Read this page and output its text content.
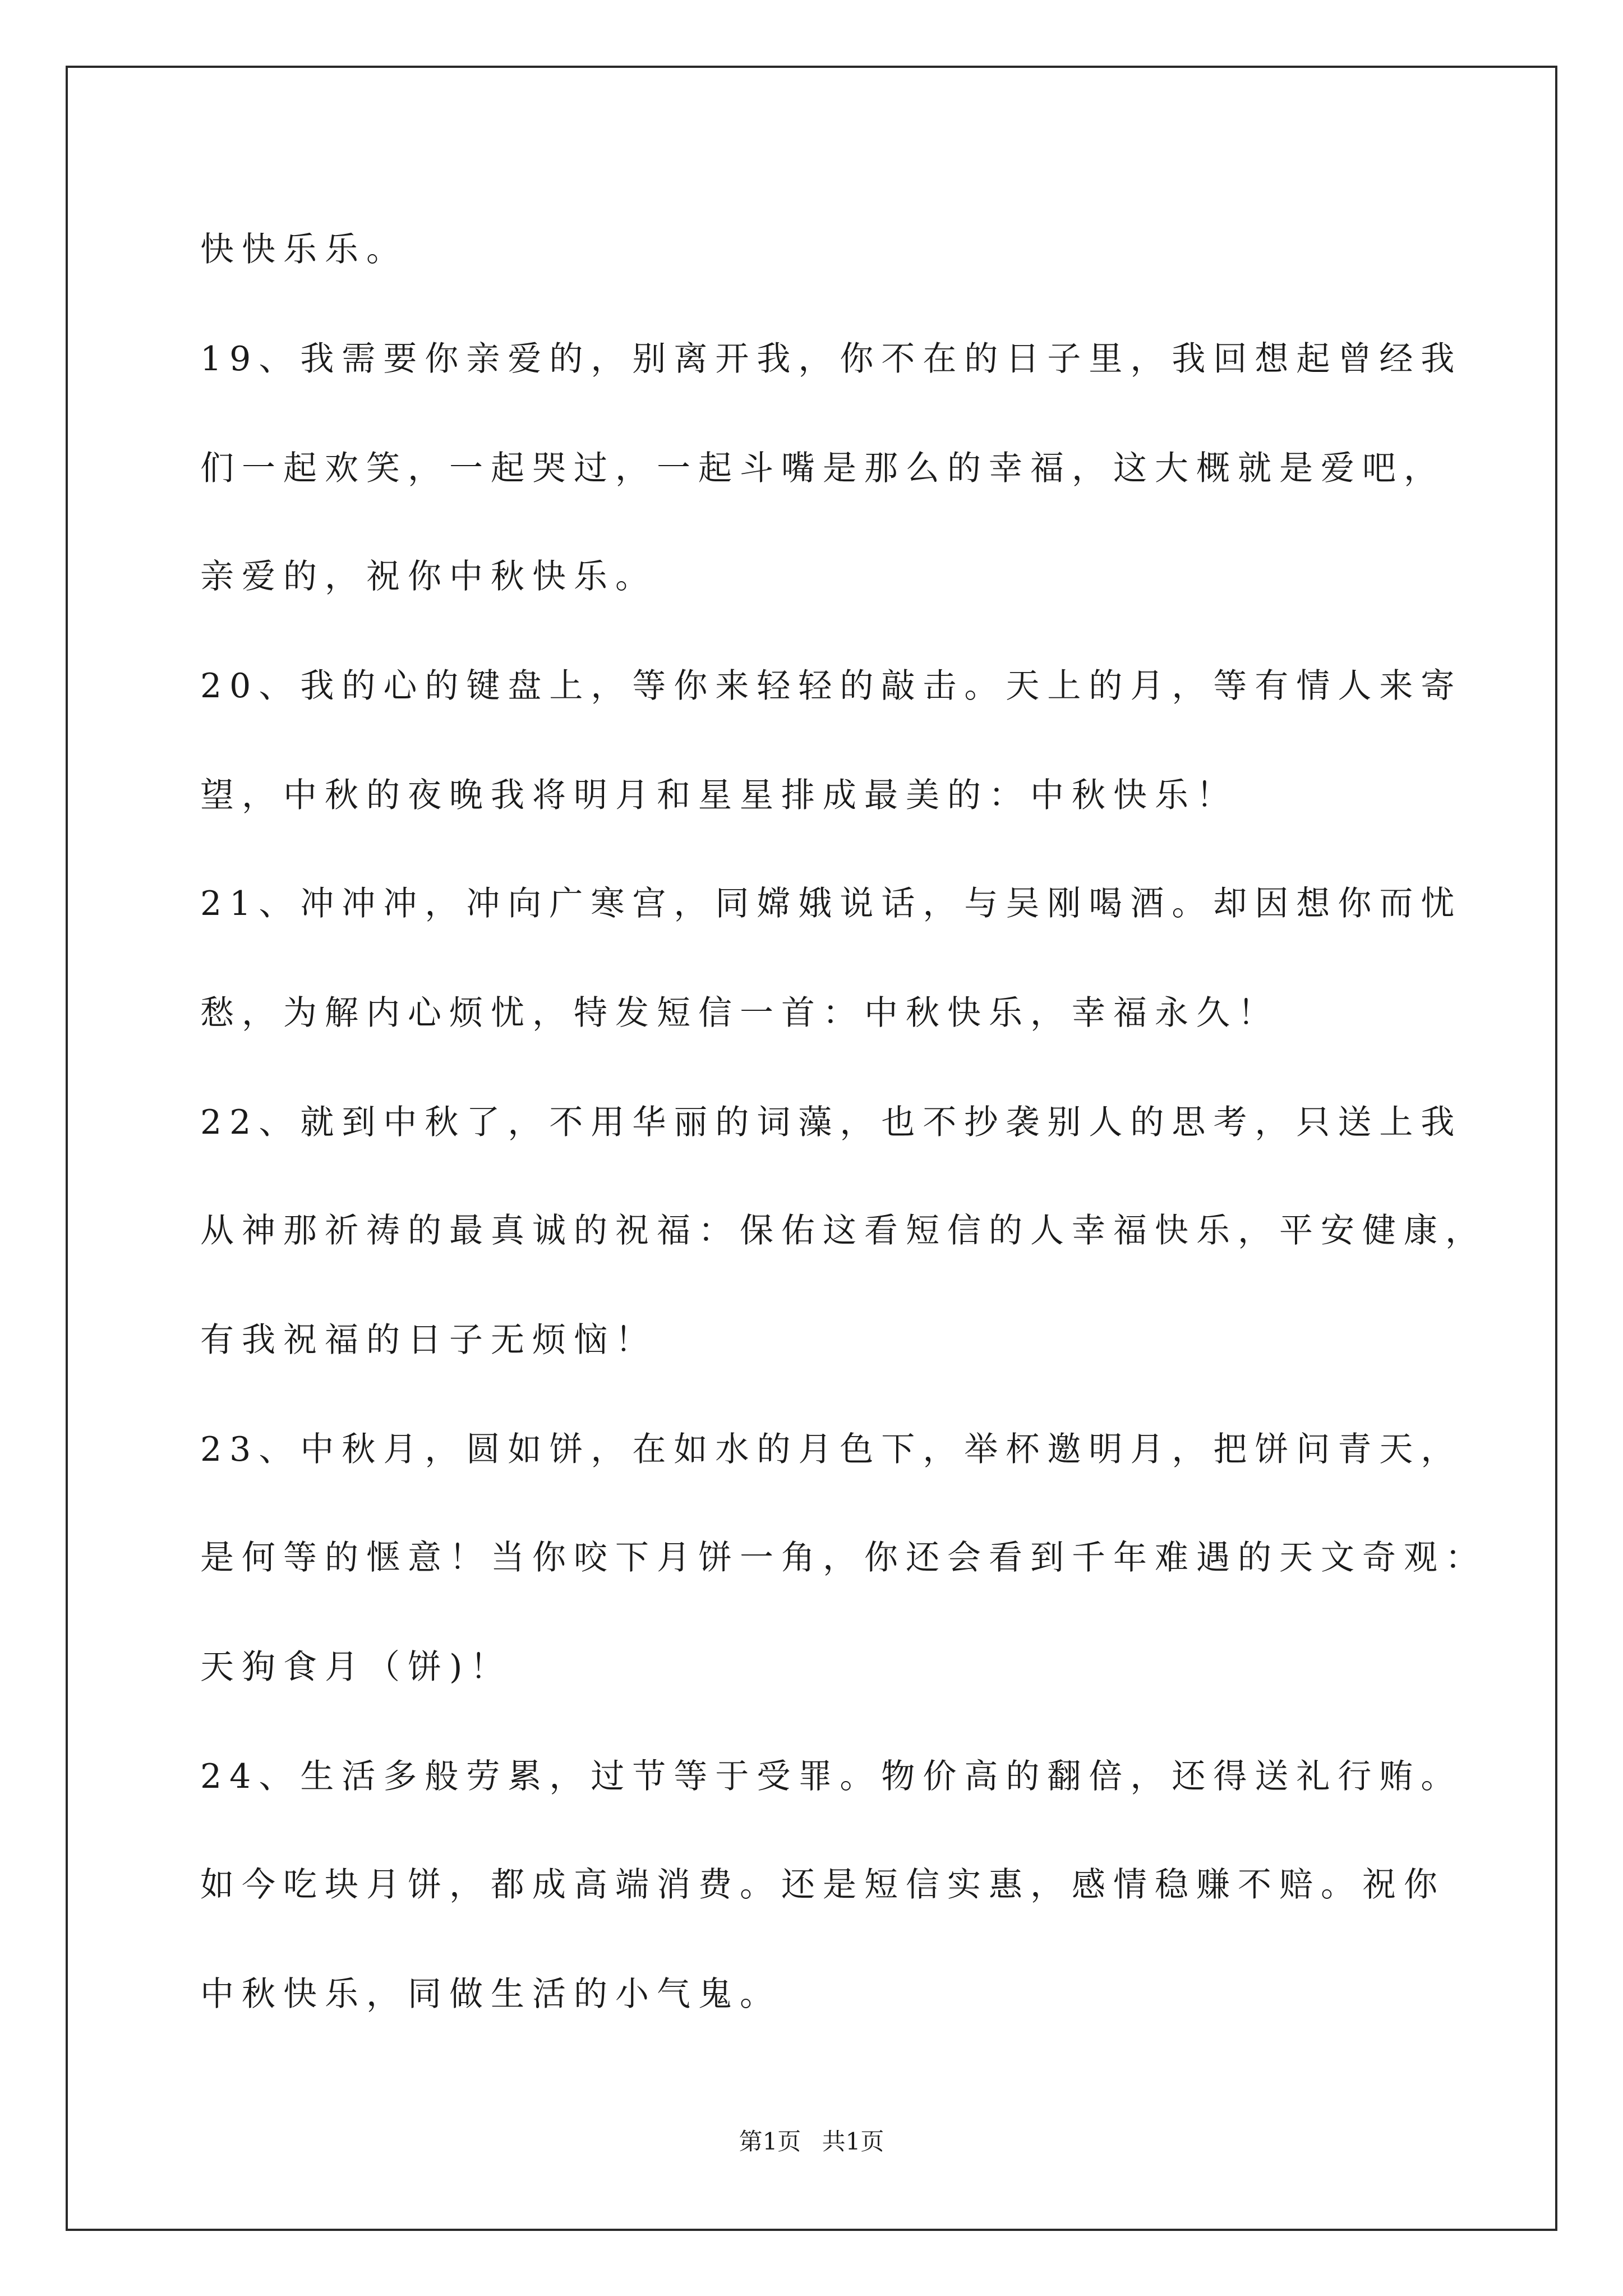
快快乐乐。
19、我需要你亲爱的，别离开我，你不在的日子里，我回想起曾经我
们一起欢笑，一起哭过，一起斗嘴是那么的幸福，这大概就是爱吧，
亲爱的，祝你中秋快乐。
20、我的心的键盘上，等你来轻轻的敲击。天上的月，等有情人来寄
望，中秋的夜晚我将明月和星星排成最美的：中秋快乐！
21、冲冲冲，冲向广寒宫，同嫦娥说话，与吴刚喝酒。却因想你而忧
愁，为解内心烦忧，特发短信一首：中秋快乐，幸福永久！
22、就到中秋了，不用华丽的词藻，也不抄袭别人的思考，只送上我
从神那祈祷的最真诚的祝福：保佑这看短信的人幸福快乐，平安健康，
有我祝福的日子无烦恼！
23、中秋月，圆如饼，在如水的月色下，举杯邀明月，把饼问青天，
是何等的惬意！当你咬下月饼一角，你还会看到千年难遇的天文奇观：
天狗食月（饼)！
24、生活多般劳累，过节等于受罪。物价高的翻倍，还得送礼行贿。
如今吃块月饼，都成高端消费。还是短信实惠，感情稳赚不赔。祝你
中秋快乐，同做生活的小气鬼。
第1页 共1页
